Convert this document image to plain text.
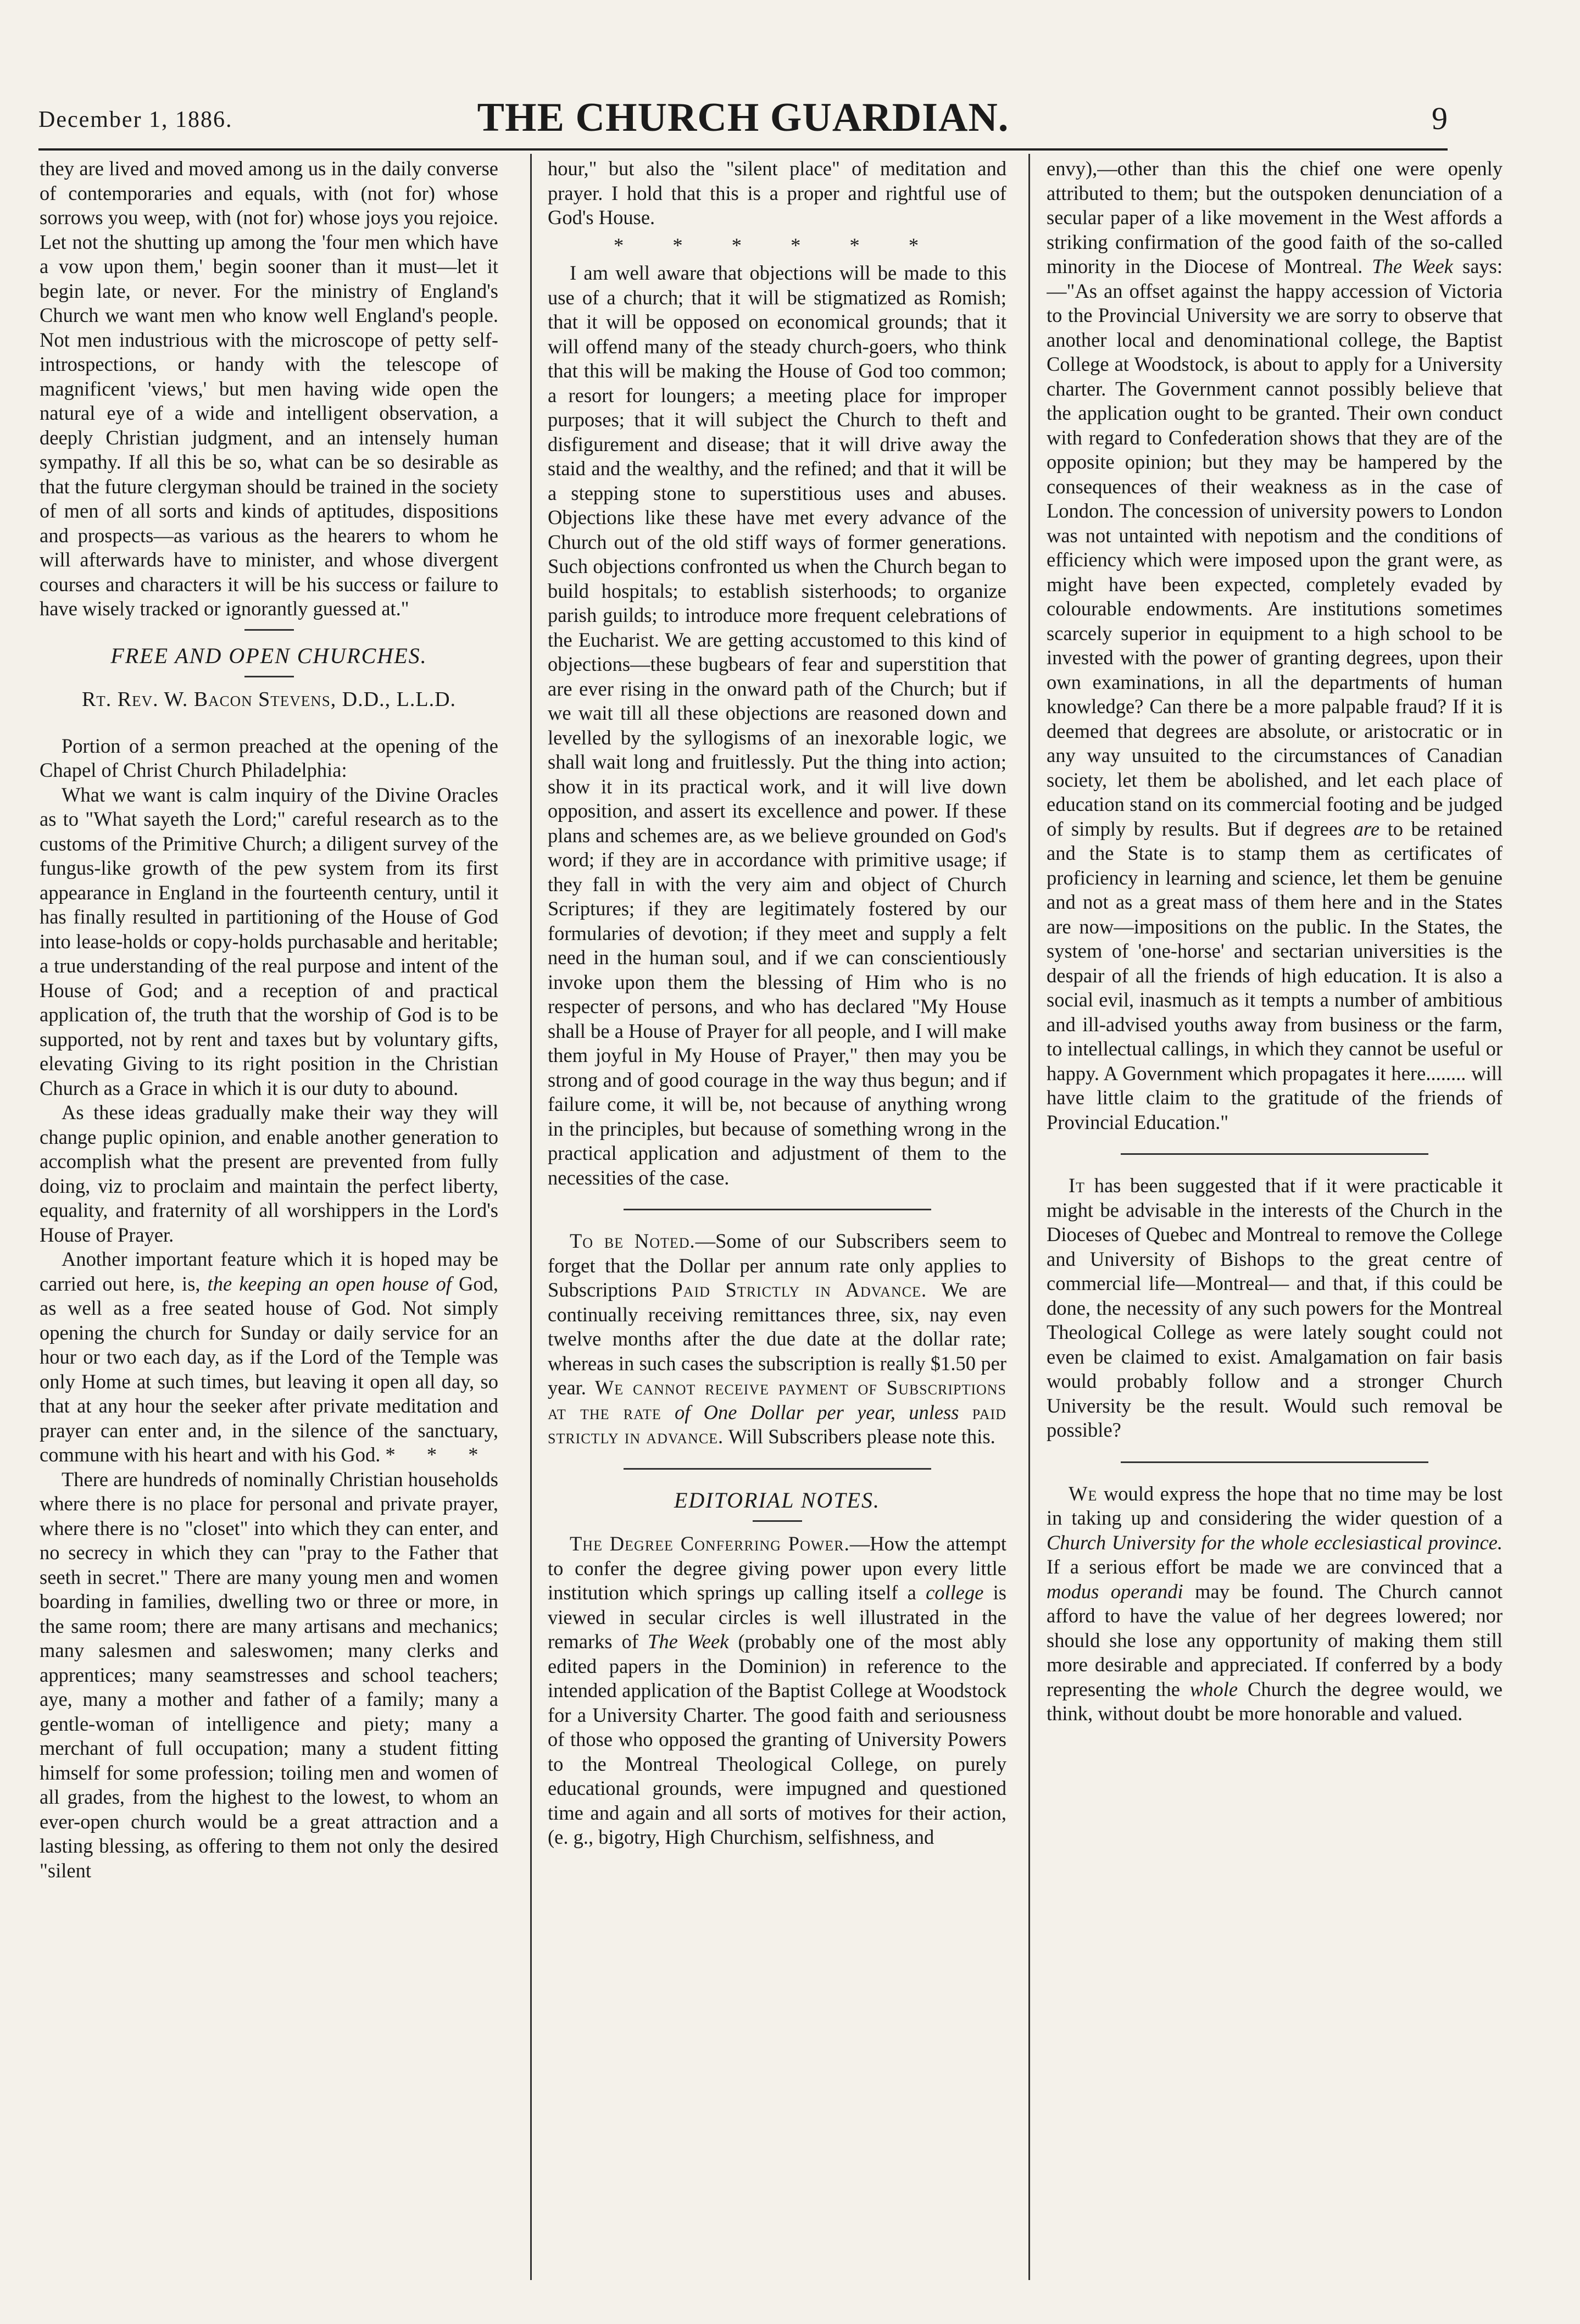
December 1, 1886.	THE CHURCH GUARDIAN.	9

they are lived and moved among us in the daily converse of contemporaries and equals, with (not for) whose sorrows you weep, with (not for) whose joys you rejoice. Let not the shutting up among the 'four men which have a vow upon them,' begin sooner than it must—let it begin late, or never. For the ministry of England's Church we want men who know well England's people. Not men industrious with the microscope of petty self-introspections, or handy with the telescope of magnificent 'views,' but men having wide open the natural eye of a wide and intelligent observation, a deeply Christian judgment, and an intensely human sympathy. If all this be so, what can be so desirable as that the future clergyman should be trained in the society of men of all sorts and kinds of aptitudes, dispositions and prospects—as various as the hearers to whom he will afterwards have to minister, and whose divergent courses and characters it will be his success or failure to have wisely tracked or ignorantly guessed at."

FREE AND OPEN CHURCHES.
Rt. Rev. W. Bacon Stevens, D.D., L.L.D.

Portion of a sermon preached at the opening of the Chapel of Christ Church Philadelphia:

What we want is calm inquiry of the Divine Oracles as to "What sayeth the Lord;" careful research as to the customs of the Primitive Church; a diligent survey of the fungus-like growth of the pew system from its first appearance in England in the fourteenth century, until it has finally resulted in partitioning of the House of God into lease-holds or copy-holds purchasable and heritable; a true understanding of the real purpose and intent of the House of God; and a reception of and practical application of, the truth that the worship of God is to be supported, not by rent and taxes but by voluntary gifts, elevating Giving to its right position in the Christian Church as a Grace in which it is our duty to abound.

As these ideas gradually make their way they will change puplic opinion, and enable another generation to accomplish what the present are prevented from fully doing, viz to proclaim and maintain the perfect liberty, equality, and fraternity of all worshippers in the Lord's House of Prayer.

Another important feature which it is hoped may be carried out here, is, the keeping an open house of God, as well as a free seated house of God. Not simply opening the church for Sunday or daily service for an hour or two each day, as if the Lord of the Temple was only Home at such times, but leaving it open all day, so that at any hour the seeker after private meditation and prayer can enter and, in the silence of the sanctuary, commune with his heart and with his God. * * *

There are hundreds of nominally Christian households where there is no place for personal and private prayer, where there is no "closet" into which they can enter, and no secrecy in which they can "pray to the Father that seeth in secret." There are many young men and women boarding in families, dwelling two or three or more, in the same room; there are many artisans and mechanics; many salesmen and saleswomen; many clerks and apprentices; many seamstresses and school teachers; aye, many a mother and father of a family; many a gentle-woman of intelligence and piety; many a merchant of full occupation; many a student fitting himself for some profession; toiling men and women of all grades, from the highest to the lowest, to whom an ever-open church would be a great attraction and a lasting blessing, as offering to them not only the desired "silent

hour," but also the "silent place" of meditation and prayer. I hold that this is a proper and rightful use of God's House.

* * * * * *

I am well aware that objections will be made to this use of a church; that it will be stigmatized as Romish; that it will be opposed on economical grounds; that it will offend many of the steady church-goers, who think that this will be making the House of God too common; a resort for loungers; a meeting place for improper purposes; that it will subject the Church to theft and disfigurement and disease; that it will drive away the staid and the wealthy, and the refined; and that it will be a stepping stone to superstitious uses and abuses. Objections like these have met every advance of the Church out of the old stiff ways of former generations. Such objections confronted us when the Church began to build hospitals; to establish sisterhoods; to organize parish guilds; to introduce more frequent celebrations of the Eucharist. We are getting accustomed to this kind of objections—these bugbears of fear and superstition that are ever rising in the onward path of the Church; but if we wait till all these objections are reasoned down and levelled by the syllogisms of an inexorable logic, we shall wait long and fruitlessly. Put the thing into action; show it in its practical work, and it will live down opposition, and assert its excellence and power. If these plans and schemes are, as we believe grounded on God's word; if they are in accordance with primitive usage; if they fall in with the very aim and object of Church Scriptures; if they are legitimately fostered by our formularies of devotion; if they meet and supply a felt need in the human soul, and if we can conscientiously invoke upon them the blessing of Him who is no respecter of persons, and who has declared "My House shall be a House of Prayer for all people, and I will make them joyful in My House of Prayer," then may you be strong and of good courage in the way thus begun; and if failure come, it will be, not because of anything wrong in the principles, but because of something wrong in the practical application and adjustment of them to the necessities of the case.

To be Noted.—Some of our Subscribers seem to forget that the Dollar per annum rate only applies to Subscriptions Paid Strictly in Advance. We are continually receiving remittances three, six, nay even twelve months after the due date at the dollar rate; whereas in such cases the subscription is really $1.50 per year. We cannot receive payment of Subscriptions at the rate of One Dollar per year, unless paid strictly in advance. Will Subscribers please note this.

EDITORIAL NOTES.

The Degree Conferring Power.—How the attempt to confer the degree giving power upon every little institution which springs up calling itself a college is viewed in secular circles is well illustrated in the remarks of The Week (probably one of the most ably edited papers in the Dominion) in reference to the intended application of the Baptist College at Woodstock for a University Charter. The good faith and seriousness of those who opposed the granting of University Powers to the Montreal Theological College, on purely educational grounds, were impugned and questioned time and again and all sorts of motives for their action, (e. g., bigotry, High Churchism, selfishness, and

envy),—other than this the chief one were openly attributed to them; but the outspoken denunciation of a secular paper of a like movement in the West affords a striking confirmation of the good faith of the so-called minority in the Diocese of Montreal. The Week says:—"As an offset against the happy accession of Victoria to the Provincial University we are sorry to observe that another local and denominational college, the Baptist College at Woodstock, is about to apply for a University charter. The Government cannot possibly believe that the application ought to be granted. Their own conduct with regard to Confederation shows that they are of the opposite opinion; but they may be hampered by the consequences of their weakness as in the case of London. The concession of university powers to London was not untainted with nepotism and the conditions of efficiency which were imposed upon the grant were, as might have been expected, completely evaded by colourable endowments. Are institutions sometimes scarcely superior in equipment to a high school to be invested with the power of granting degrees, upon their own examinations, in all the departments of human knowledge? Can there be a more palpable fraud? If it is deemed that degrees are absolute, or aristocratic or in any way unsuited to the circumstances of Canadian society, let them be abolished, and let each place of education stand on its commercial footing and be judged of simply by results. But if degrees are to be retained and the State is to stamp them as certificates of proficiency in learning and science, let them be genuine and not as a great mass of them here and in the States are now—impositions on the public. In the States, the system of 'one-horse' and sectarian universities is the despair of all the friends of high education. It is also a social evil, inasmuch as it tempts a number of ambitious and ill-advised youths away from business or the farm, to intellectual callings, in which they cannot be useful or happy. A Government which propagates it here........ will have little claim to the gratitude of the friends of Provincial Education."

It has been suggested that if it were practicable it might be advisable in the interests of the Church in the Dioceses of Quebec and Montreal to remove the College and University of Bishops to the great centre of commercial life—Montreal— and that, if this could be done, the necessity of any such powers for the Montreal Theological College as were lately sought could not even be claimed to exist. Amalgamation on fair basis would probably follow and a stronger Church University be the result. Would such removal be possible?

We would express the hope that no time may be lost in taking up and considering the wider question of a Church University for the whole ecclesiastical province. If a serious effort be made we are convinced that a modus operandi may be found. The Church cannot afford to have the value of her degrees lowered; nor should she lose any opportunity of making them still more desirable and appreciated. If conferred by a body representing the whole Church the degree would, we think, without doubt be more honorable and valued.
